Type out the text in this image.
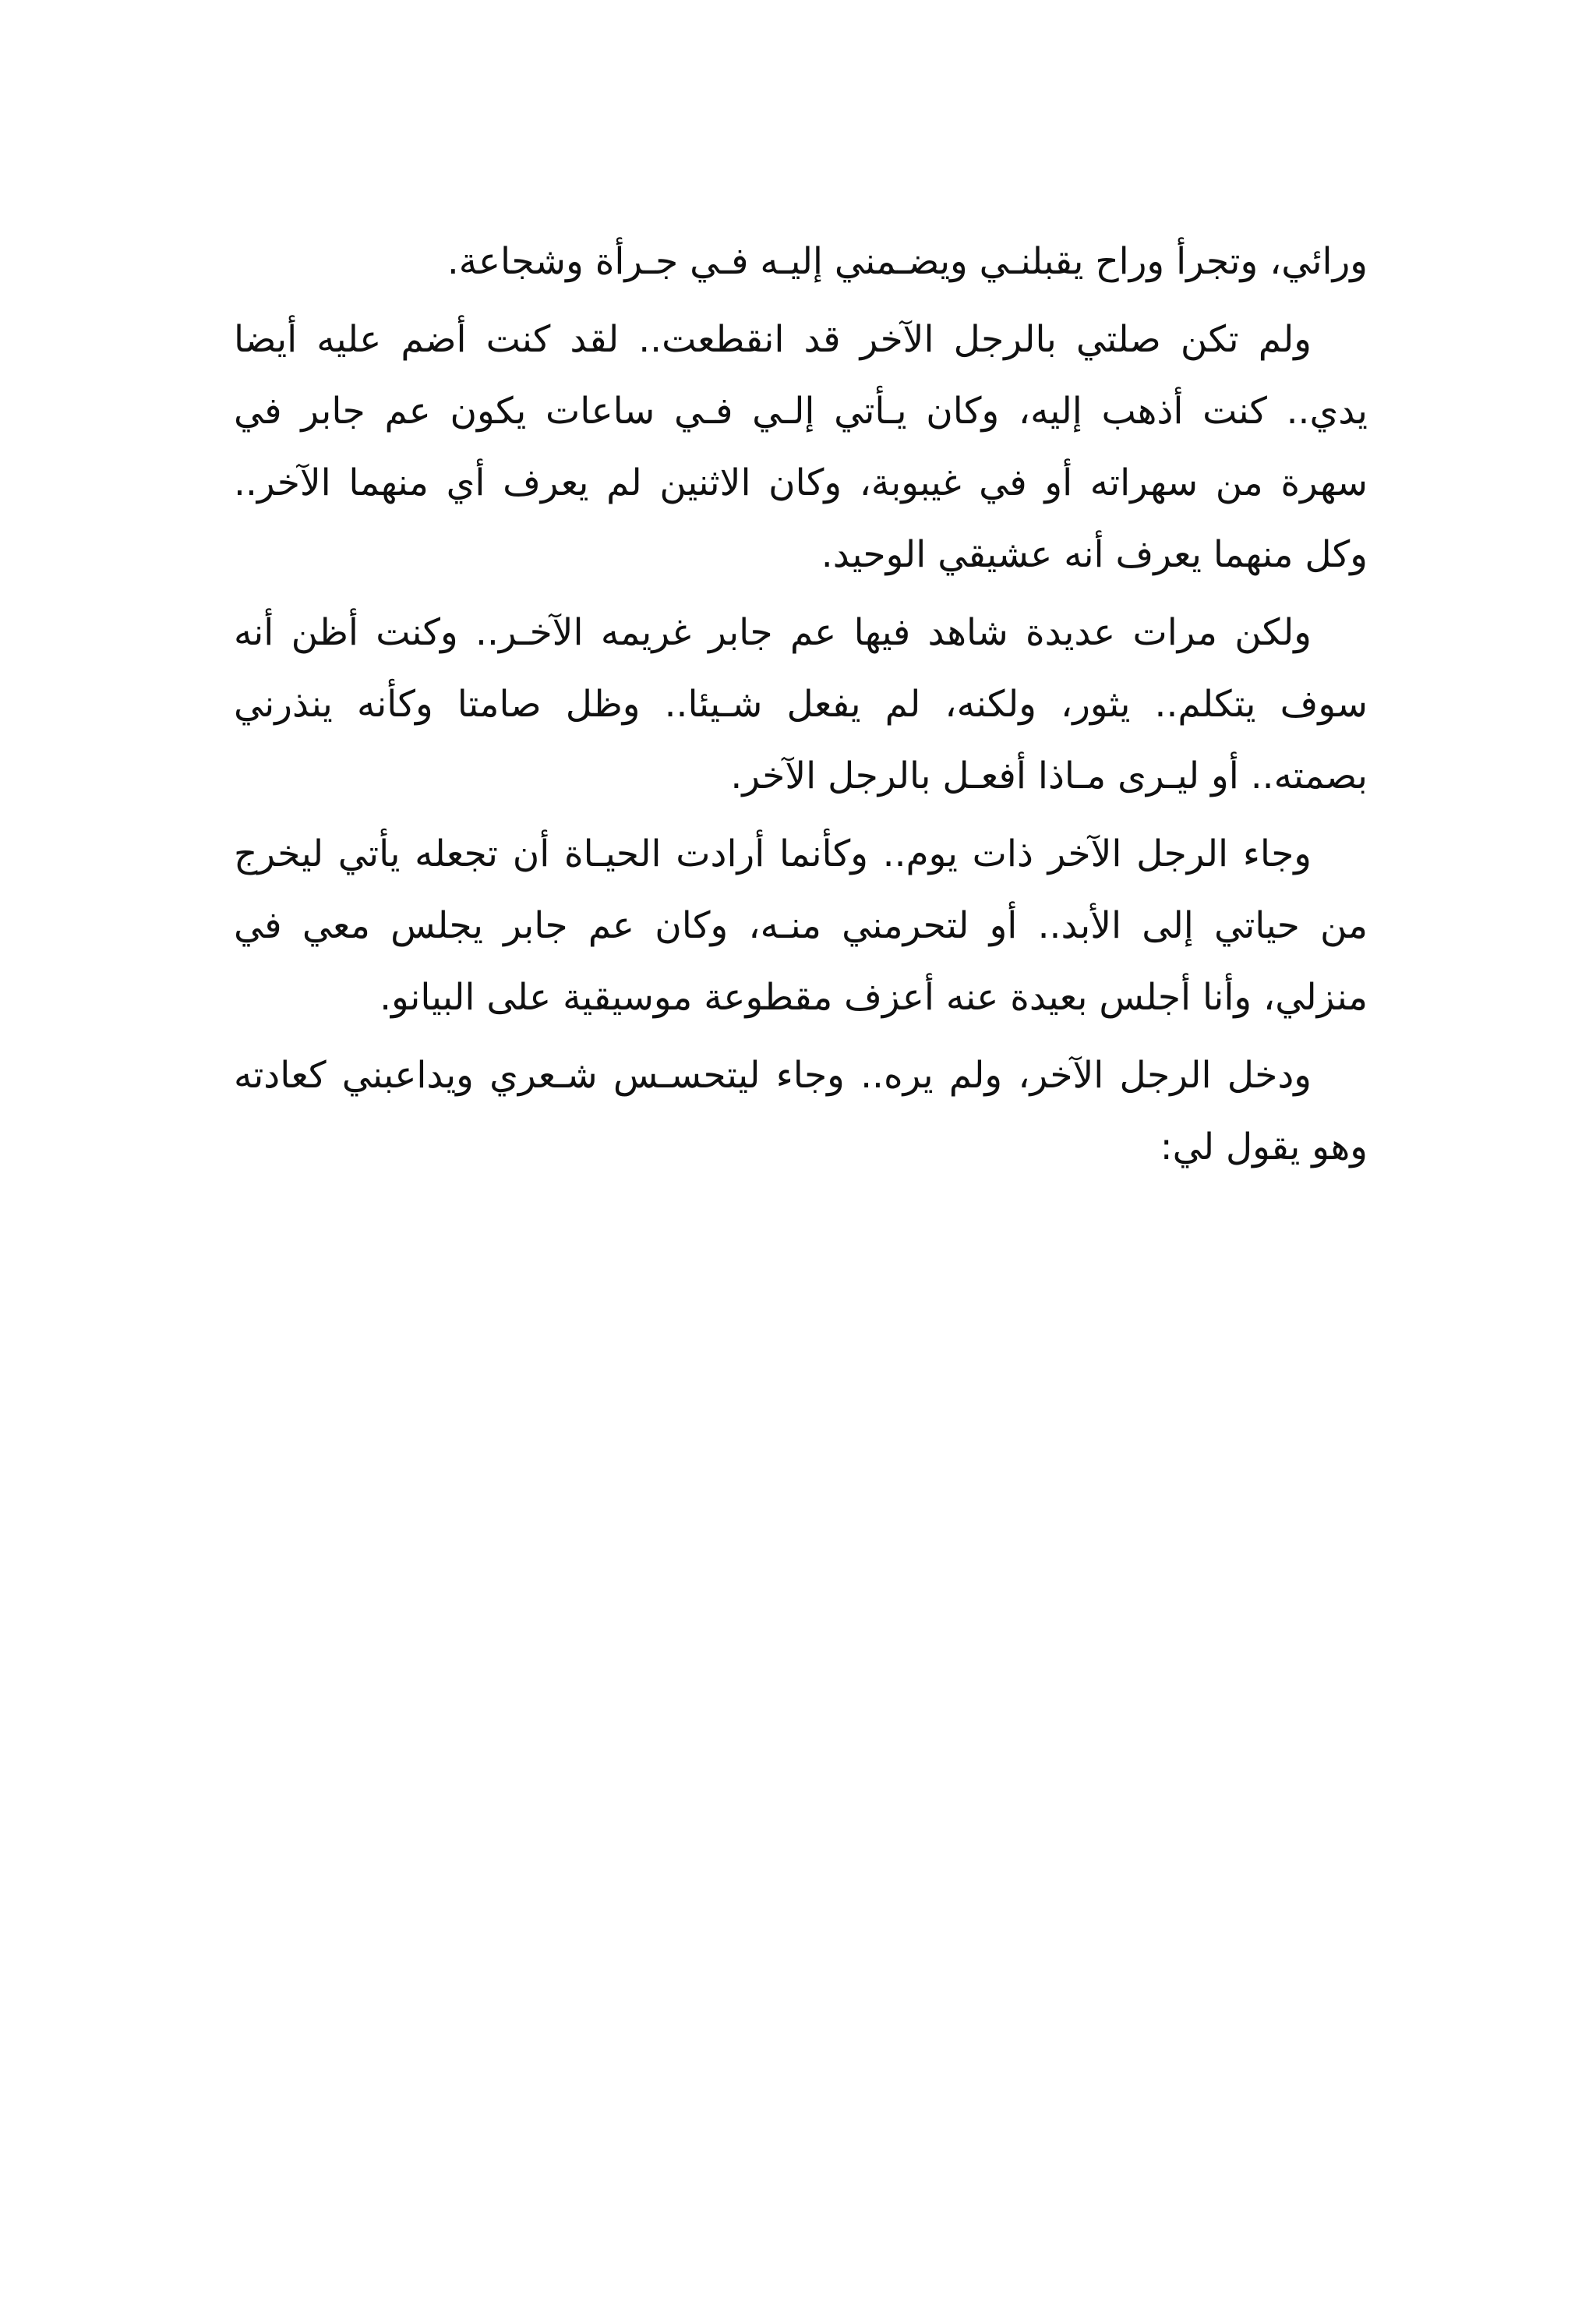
ورائي، وتجرأ وراح يقبلنـي ويضـمني إليـه فـي جـرأة وشجاعة.

ولم تكن صلتي بالرجل الآخر قد انقطعت.. لقد كنت أضم عليه أيضا يدي.. كنت أذهب إليه، وكان يـأتي إلـي فـي ساعات يكون عم جابر في سهرة من سهراته أو في غيبوبة، وكان الاثنين لم يعرف أي منهما الآخر.. وكل منهما يعرف أنه عشيقي الوحيد.

ولكن مرات عديدة شاهد فيها عم جابر غريمه الآخـر.. وكنت أظن أنه سوف يتكلم.. يثور، ولكنه، لم يفعل شـيئا.. وظل صامتا وكأنه ينذرني بصمته.. أو ليـرى مـاذا أفعـل بالرجل الآخر.

وجاء الرجل الآخر ذات يوم.. وكأنما أرادت الحيـاة أن تجعله يأتي ليخرج من حياتي إلى الأبد.. أو لتحرمني منـه، وكان عم جابر يجلس معي في منزلي، وأنا أجلس بعيدة عنه أعزف مقطوعة موسيقية على البيانو.

ودخل الرجل الآخر، ولم يره.. وجاء ليتحسـس شـعري ويداعبني كعادته وهو يقول لي:
